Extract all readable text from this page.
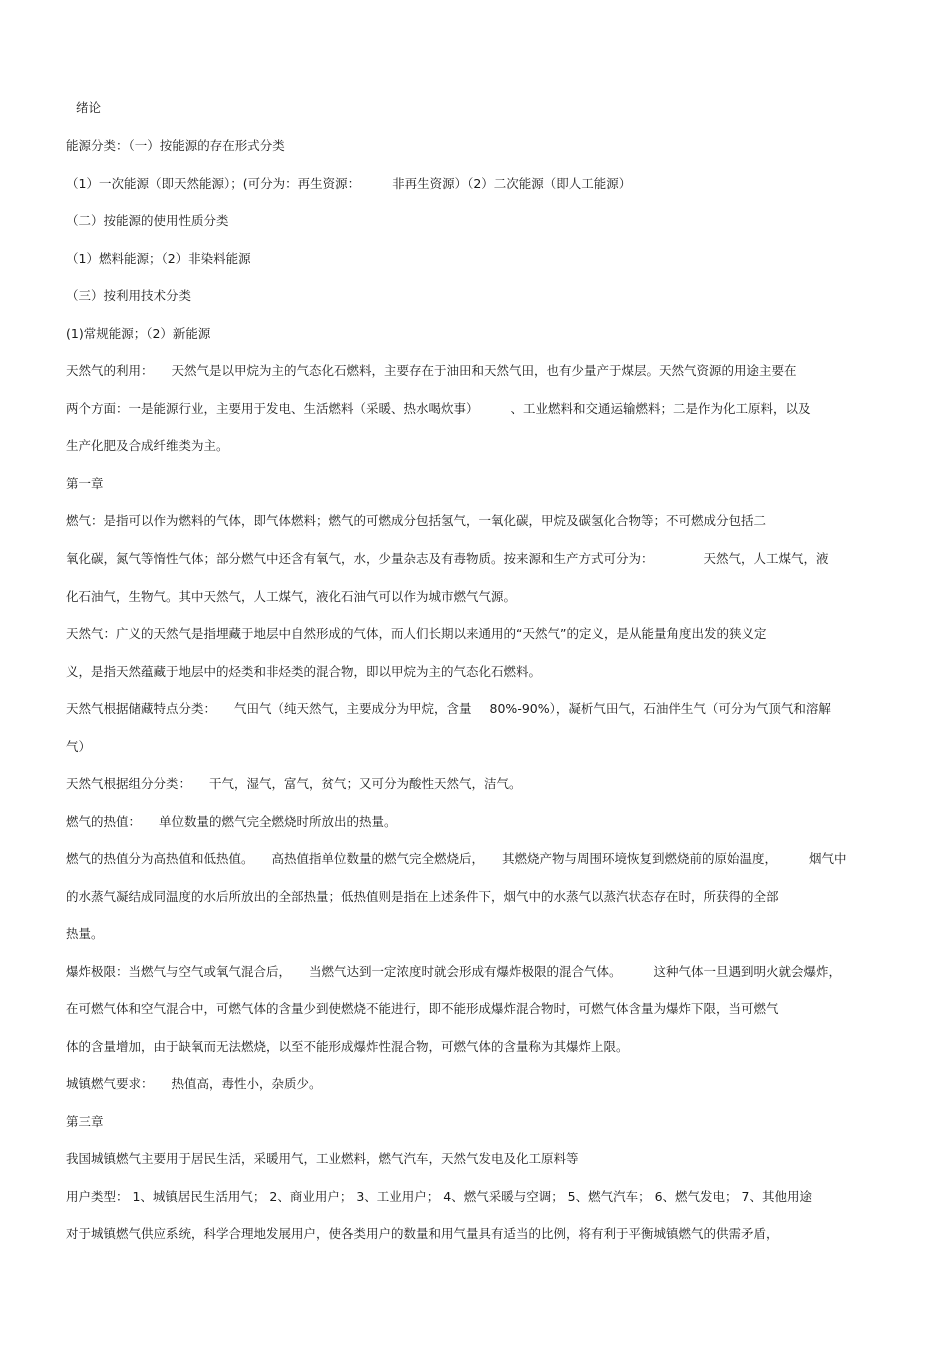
绪论

能源分类：（一）按能源的存在形式分类

（1）一次能源（即天然能源）；(可分为：再生资源：	非再生资源）（2）二次能源（即人工能源）

（二）按能源的使用性质分类

（1）燃料能源；（2）非染料能源

（三）按利用技术分类

(1)常规能源；（2）新能源

天然气的利用： 天然气是以甲烷为主的气态化石燃料，主要存在于油田和天然气田，也有少量产于煤层。天然气资源的用途主要在

两个方面：一是能源行业，主要用于发电、生活燃料（采暖、热水喝炊事）	、工业燃料和交通运输燃料；二是作为化工原料，以及

生产化肥及合成纤维类为主。

第一章

燃气：是指可以作为燃料的气体，即气体燃料；燃气的可燃成分包括氢气，一氧化碳，甲烷及碳氢化合物等；不可燃成分包括二

氧化碳，氮气等惰性气体；部分燃气中还含有氧气，水，少量杂志及有毒物质。按来源和生产方式可分为：	天然气，人工煤气，液

化石油气，生物气。其中天然气，人工煤气，液化石油气可以作为城市燃气气源。

天然气：广义的天然气是指埋藏于地层中自然形成的气体，而人们长期以来通用的“天然气”的定义，是从能量角度出发的狭义定

义，是指天然蕴藏于地层中的烃类和非烃类的混合物，即以甲烷为主的气态化石燃料。

天然气根据储藏特点分类： 气田气（纯天然气，主要成分为甲烷，含量 80%-90%），凝析气田气，石油伴生气（可分为气顶气和溶解

气）

天然气根据组分分类： 干气，湿气，富气，贫气；又可分为酸性天然气，洁气。

燃气的热值： 单位数量的燃气完全燃烧时所放出的热量。

燃气的热值分为高热值和低热值。 高热值指单位数量的燃气完全燃烧后， 其燃烧产物与周围环境恢复到燃烧前的原始温度，	烟气中

的水蒸气凝结成同温度的水后所放出的全部热量；低热值则是指在上述条件下，烟气中的水蒸气以蒸汽状态存在时，所获得的全部

热量。

爆炸极限：当燃气与空气或氧气混合后， 当燃气达到一定浓度时就会形成有爆炸极限的混合气体。	这种气体一旦遇到明火就会爆炸，

在可燃气体和空气混合中，可燃气体的含量少到使燃烧不能进行，即不能形成爆炸混合物时，可燃气体含量为爆炸下限，当可燃气

体的含量增加，由于缺氧而无法燃烧，以至不能形成爆炸性混合物，可燃气体的含量称为其爆炸上限。

城镇燃气要求： 热值高，毒性小，杂质少。

第三章

我国城镇燃气主要用于居民生活，采暖用气，工业燃料，燃气汽车，天然气发电及化工原料等

用户类型： 1、城镇居民生活用气； 2、商业用户； 3、工业用户； 4、燃气采暖与空调； 5、燃气汽车； 6、燃气发电； 7、其他用途

对于城镇燃气供应系统，科学合理地发展用户，使各类用户的数量和用气量具有适当的比例，将有利于平衡城镇燃气的供需矛盾，
